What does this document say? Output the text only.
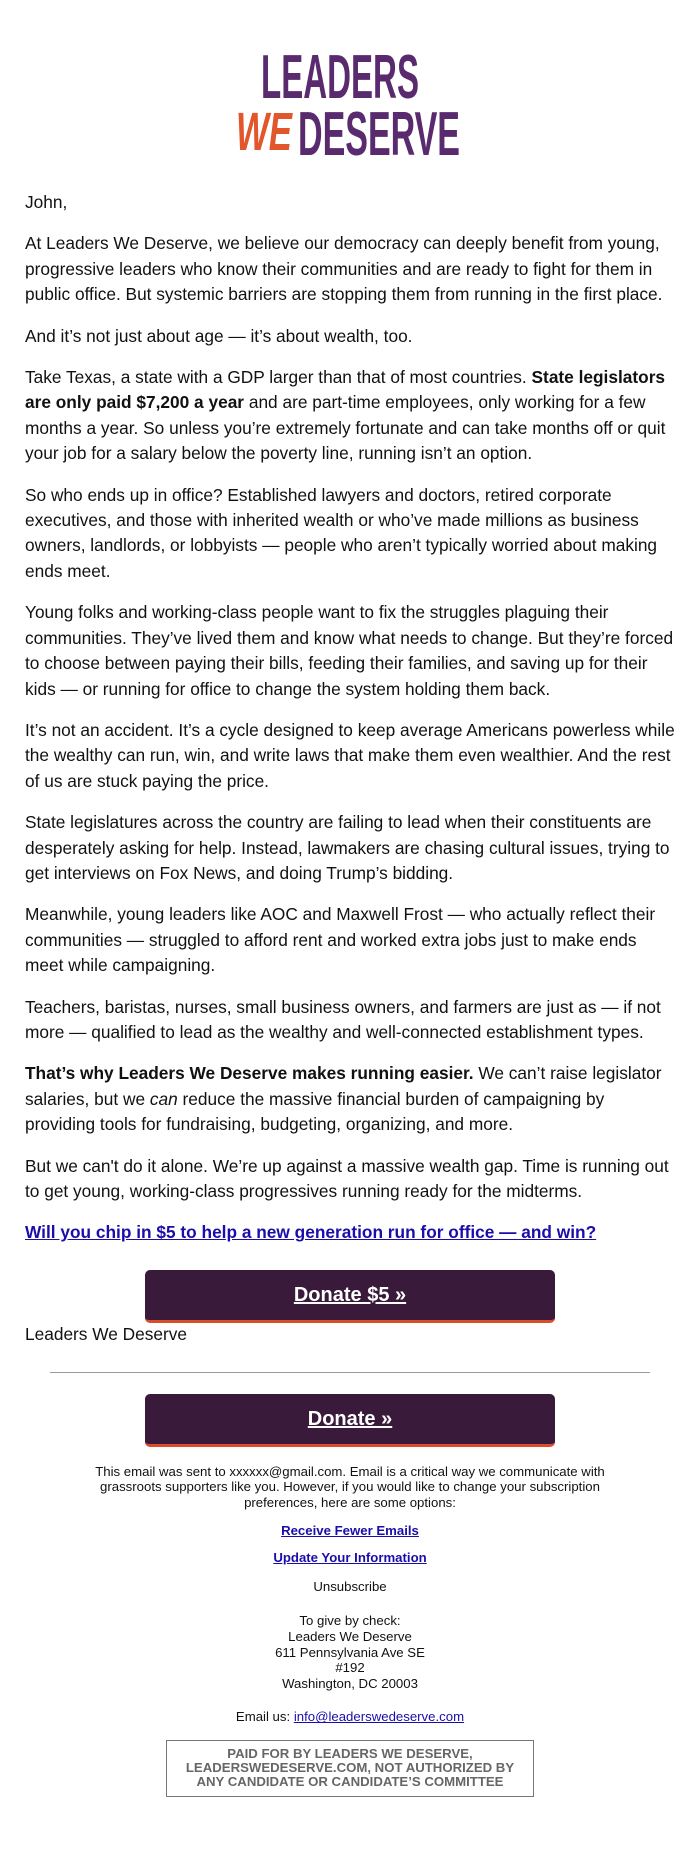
LEADERS
WE DESERVE

John,

At Leaders We Deserve, we believe our democracy can deeply benefit from young, progressive leaders who know their communities and are ready to fight for them in public office. But systemic barriers are stopping them from running in the first place.

And it’s not just about age — it’s about wealth, too.

Take Texas, a state with a GDP larger than that of most countries. State legislators are only paid $7,200 a year and are part-time employees, only working for a few months a year. So unless you’re extremely fortunate and can take months off or quit your job for a salary below the poverty line, running isn’t an option.

So who ends up in office? Established lawyers and doctors, retired corporate executives, and those with inherited wealth or who’ve made millions as business owners, landlords, or lobbyists — people who aren’t typically worried about making ends meet.

Young folks and working-class people want to fix the struggles plaguing their communities. They’ve lived them and know what needs to change. But they’re forced to choose between paying their bills, feeding their families, and saving up for their kids — or running for office to change the system holding them back.

It’s not an accident. It’s a cycle designed to keep average Americans powerless while the wealthy can run, win, and write laws that make them even wealthier. And the rest of us are stuck paying the price.

State legislatures across the country are failing to lead when their constituents are desperately asking for help. Instead, lawmakers are chasing cultural issues, trying to get interviews on Fox News, and doing Trump’s bidding.

Meanwhile, young leaders like AOC and Maxwell Frost — who actually reflect their communities — struggled to afford rent and worked extra jobs just to make ends meet while campaigning.

Teachers, baristas, nurses, small business owners, and farmers are just as — if not more — qualified to lead as the wealthy and well-connected establishment types.

That’s why Leaders We Deserve makes running easier. We can’t raise legislator salaries, but we can reduce the massive financial burden of campaigning by providing tools for fundraising, budgeting, organizing, and more.

But we can't do it alone. We’re up against a massive wealth gap. Time is running out to get young, working-class progressives running ready for the midterms.

Will you chip in $5 to help a new generation run for office — and win?
Donate $5 »

Leaders We Deserve

Donate »

This email was sent to xxxxxx@gmail.com. Email is a critical way we communicate with grassroots supporters like you. However, if you would like to change your subscription preferences, here are some options:

Receive Fewer Emails

Update Your Information

Unsubscribe

To give by check:

Leaders We Deserve

611 Pennsylvania Ave SE

#192

Washington, DC 20003

Email us: info@leaderswedeserve.com

PAID FOR BY LEADERS WE DESERVE, LEADERSWEDESERVE.COM, NOT AUTHORIZED BY ANY CANDIDATE OR CANDIDATE’S COMMITTEE
